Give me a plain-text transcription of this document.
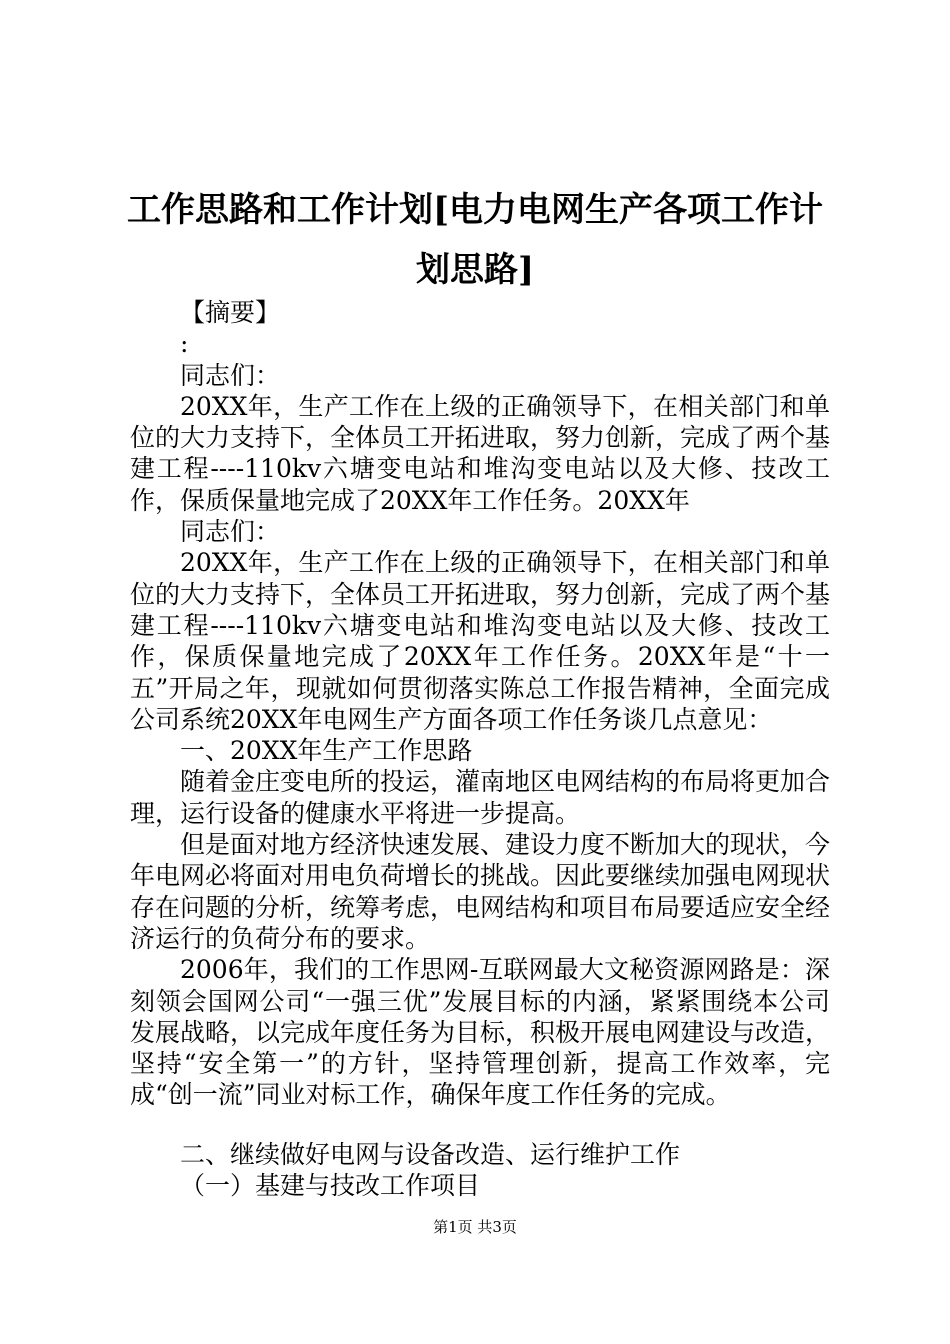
工作思路和工作计划[电力电网生产各项工作计划思路]

【摘要】

:

同志们：

20XX年，生产工作在上级的正确领导下，在相关部门和单位的大力支持下，全体员工开拓进取，努力创新，完成了两个基建工程----110kv六塘变电站和堆沟变电站以及大修、技改工作，保质保量地完成了20XX年工作任务。20XX年

同志们：

20XX年，生产工作在上级的正确领导下，在相关部门和单位的大力支持下，全体员工开拓进取，努力创新，完成了两个基建工程----110kv六塘变电站和堆沟变电站以及大修、技改工作，保质保量地完成了20XX年工作任务。20XX年是“十一五”开局之年，现就如何贯彻落实陈总工作报告精神，全面完成公司系统20XX年电网生产方面各项工作任务谈几点意见：

一、20XX年生产工作思路

随着金庄变电所的投运，灌南地区电网结构的布局将更加合理，运行设备的健康水平将进一步提高。

但是面对地方经济快速发展、建设力度不断加大的现状，今年电网必将面对用电负荷增长的挑战。因此要继续加强电网现状存在问题的分析，统筹考虑，电网结构和项目布局要适应安全经济运行的负荷分布的要求。

2006年，我们的工作思网-互联网最大文秘资源网路是：深刻领会国网公司“一强三优”发展目标的内涵，紧紧围绕本公司发展战略，以完成年度任务为目标，积极开展电网建设与改造，坚持“安全第一”的方针，坚持管理创新，提高工作效率，完成“创一流”同业对标工作，确保年度工作任务的完成。

二、继续做好电网与设备改造、运行维护工作

（一）基建与技改工作项目

第1页 共3页
